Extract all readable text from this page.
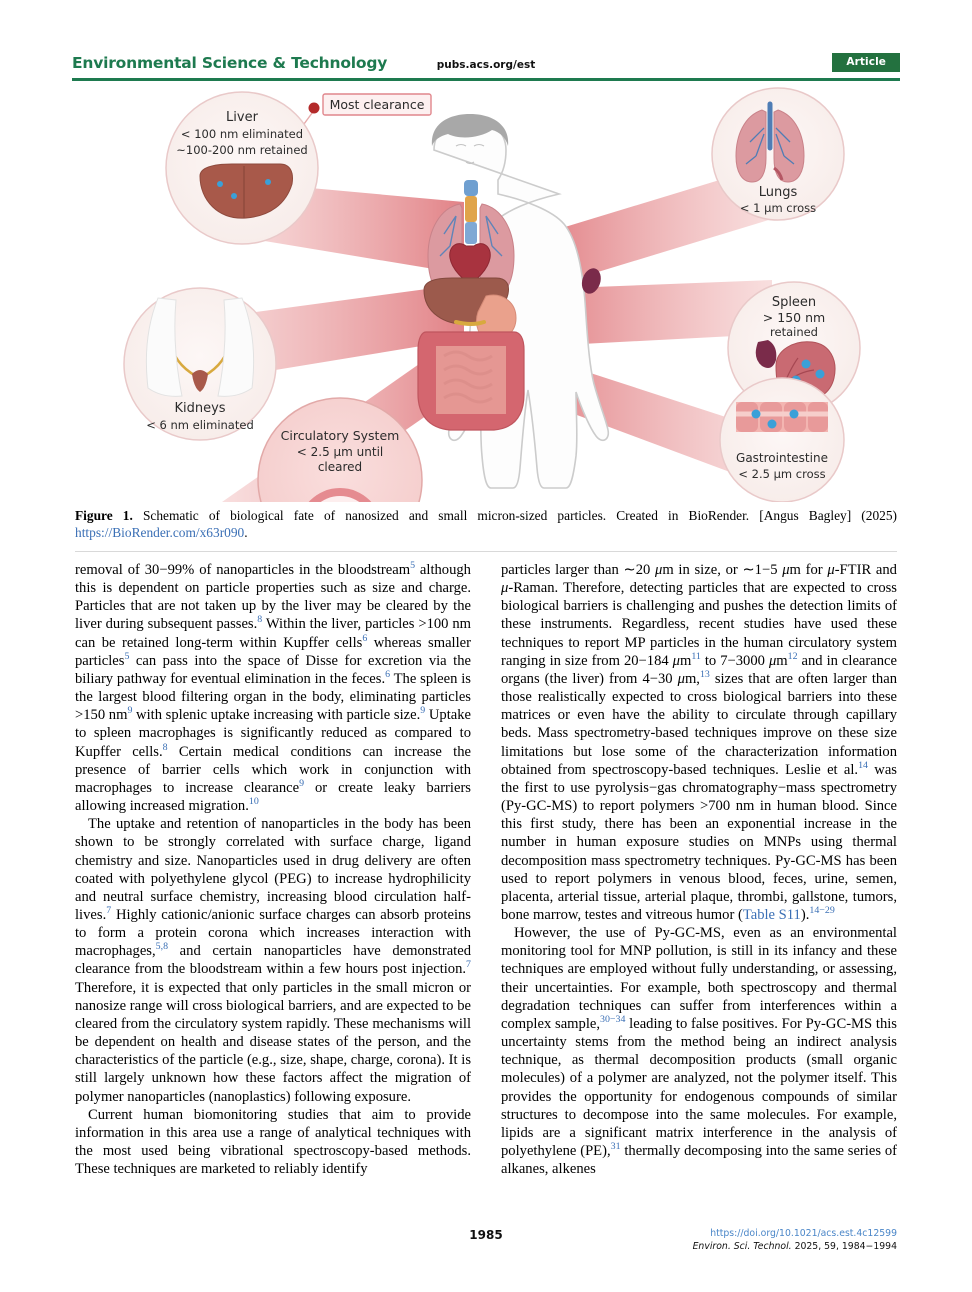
Environmental Science & Technology	pubs.acs.org/est	Article
Most clearance
Liver
< 100 nm eliminated
~100-200 nm retained
Kidneys
< 6 nm eliminated
Circulatory System
< 2.5 μm until
cleared
Lungs
< 1 μm cross
Spleen
> 150 nm
retained
Gastrointestine
< 2.5 μm cross
Figure 1. Schematic of biological fate of nanosized and small micron-sized particles. Created in BioRender. [Angus Bagley] (2025) https://BioRender.com/x63r090.

removal of 30−99% of nanoparticles in the bloodstream$^5$ although this is dependent on particle properties such as size and charge. Particles that are not taken up by the liver may be cleared by the liver during subsequent passes.$^8$ Within the liver, particles >100 nm can be retained long-term within Kupffer cells$^6$ whereas smaller particles$^5$ can pass into the space of Disse for excretion via the biliary pathway for eventual elimination in the feces.$^6$ The spleen is the largest blood filtering organ in the body, eliminating particles >150 $nm^9$ with splenic uptake increasing with particle size.$^9$ Uptake to spleen macrophages is significantly reduced as compared to Kupffer cells.$^8$ Certain medical conditions can increase the presence of barrier cells which work in conjunction with macrophages to increase clearance$^9$ or create leaky barriers allowing increased migration.$^{10}$

The uptake and retention of nanoparticles in the body has been shown to be strongly correlated with surface charge, ligand chemistry and size. Nanoparticles used in drug delivery are often coated with polyethylene glycol (PEG) to increase hydrophilicity and neutral surface chemistry, increasing blood circulation half-lives.$^7$ Highly cationic/anionic surface charges can absorb proteins to form a protein corona which increases interaction with macrophages,$^{5,8}$ and certain nanoparticles have demonstrated clearance from the bloodstream within a few hours post injection.$^7$ Therefore, it is expected that only particles in the small micron or nanosize range will cross biological barriers, and are expected to be cleared from the circulatory system rapidly. These mechanisms will be dependent on health and disease states of the person, and the characteristics of the particle (e.g., size, shape, charge, corona). It is still largely unknown how these factors affect the migration of polymer nanoparticles (nanoplastics) following exposure.

Current human biomonitoring studies that aim to provide information in this area use a range of analytical techniques with the most used being vibrational spectroscopy-based methods. These techniques are marketed to reliably identify

particles larger than ∼20 μm in size, or ∼1−5 μm for μ-FTIR and μ-Raman. Therefore, detecting particles that are expected to cross biological barriers is challenging and pushes the detection limits of these instruments. Regardless, recent studies have used these techniques to report MP particles in the human circulatory system ranging in size from 20−184 $\mu m^{11}$ to 7−3000 $\mu m^{12}$ and in clearance organs (the liver) from 4−30 μm,$^{13}$ sizes that are often larger than those realistically expected to cross biological barriers into these matrices or even have the ability to circulate through capillary beds. Mass spectrometry-based techniques improve on these size limitations but lose some of the characterization information obtained from spectroscopy-based techniques. Leslie et al.$^{14}$ was the first to use pyrolysis−gas chromatography−mass spectrometry (Py-GC-MS) to report polymers >700 nm in human blood. Since this first study, there has been an exponential increase in the number in human exposure studies on MNPs using thermal decomposition mass spectrometry techniques. Py-GC-MS has been used to report polymers in venous blood, feces, urine, semen, placenta, arterial tissue, arterial plaque, thrombi, gallstone, tumors, bone marrow, testes and vitreous humor (Table S11).$^{14-29}$

However, the use of Py-GC-MS, even as an environmental monitoring tool for MNP pollution, is still in its infancy and these techniques are employed without fully understanding, or assessing, their uncertainties. For example, both spectroscopy and thermal degradation techniques can suffer from interferences within a complex sample,$^{30-34}$ leading to false positives. For Py-GC-MS this uncertainty stems from the method being an indirect analysis technique, as thermal decomposition products (small organic molecules) of a polymer are analyzed, not the polymer itself. This provides the opportunity for endogenous compounds of similar structures to decompose into the same molecules. For example, lipids are a significant matrix interference in the analysis of polyethylene (PE),$^{31}$ thermally decomposing into the same series of alkanes, alkenes

1985	https://doi.org/10.1021/acs.est.4c12599
Environ. Sci. Technol. 2025, 59, 1984−1994
